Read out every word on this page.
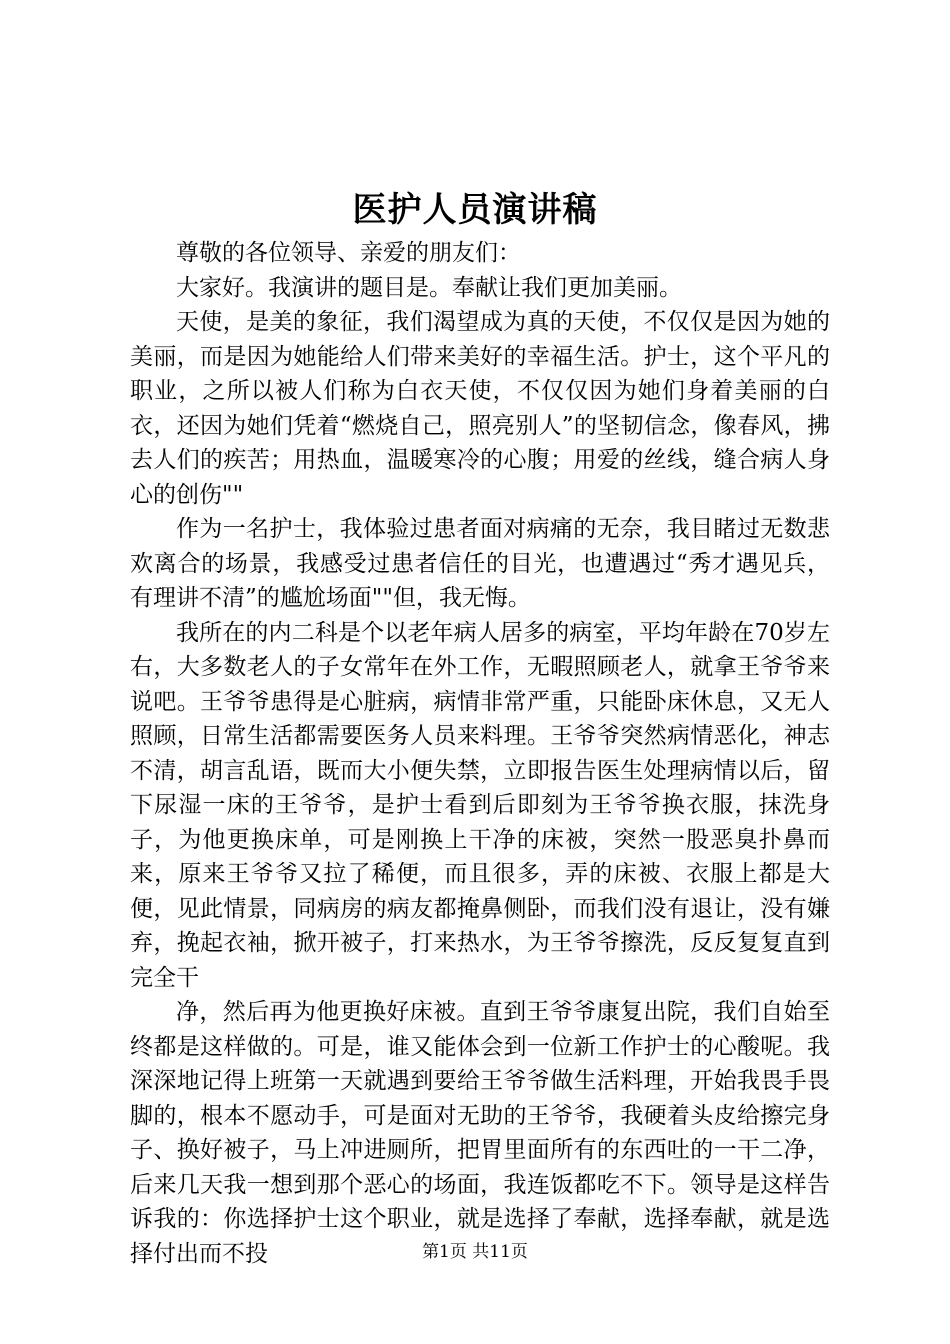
医护人员演讲稿

尊敬的各位领导、亲爱的朋友们：

大家好。我演讲的题目是。奉献让我们更加美丽。

天使，是美的象征，我们渴望成为真的天使，不仅仅是因为她的美丽，而是因为她能给人们带来美好的幸福生活。护士，这个平凡的职业，之所以被人们称为白衣天使，不仅仅因为她们身着美丽的白衣，还因为她们凭着“燃烧自己，照亮别人”的坚韧信念，像春风，拂去人们的疾苦；用热血，温暖寒冷的心腹；用爱的丝线，缝合病人身心的创伤""

作为一名护士，我体验过患者面对病痛的无奈，我目睹过无数悲欢离合的场景，我感受过患者信任的目光，也遭遇过“秀才遇见兵，有理讲不清”的尴尬场面""但，我无悔。

我所在的内二科是个以老年病人居多的病室，平均年龄在70岁左右，大多数老人的子女常年在外工作，无暇照顾老人，就拿王爷爷来说吧。王爷爷患得是心脏病，病情非常严重，只能卧床休息，又无人照顾，日常生活都需要医务人员来料理。王爷爷突然病情恶化，神志不清，胡言乱语，既而大小便失禁，立即报告医生处理病情以后，留下尿湿一床的王爷爷，是护士看到后即刻为王爷爷换衣服，抹洗身子，为他更换床单，可是刚换上干净的床被，突然一股恶臭扑鼻而来，原来王爷爷又拉了稀便，而且很多，弄的床被、衣服上都是大便，见此情景，同病房的病友都掩鼻侧卧，而我们没有退让，没有嫌弃，挽起衣袖，掀开被子，打来热水，为王爷爷擦洗，反反复复直到完全干

净，然后再为他更换好床被。直到王爷爷康复出院，我们自始至终都是这样做的。可是，谁又能体会到一位新工作护士的心酸呢。我深深地记得上班第一天就遇到要给王爷爷做生活料理，开始我畏手畏脚的，根本不愿动手，可是面对无助的王爷爷，我硬着头皮给擦完身子、换好被子，马上冲进厕所，把胃里面所有的东西吐的一干二净，后来几天我一想到那个恶心的场面，我连饭都吃不下。领导是这样告诉我的：你选择护士这个职业，就是选择了奉献，选择奉献，就是选择付出而不投	第1页 共11页
